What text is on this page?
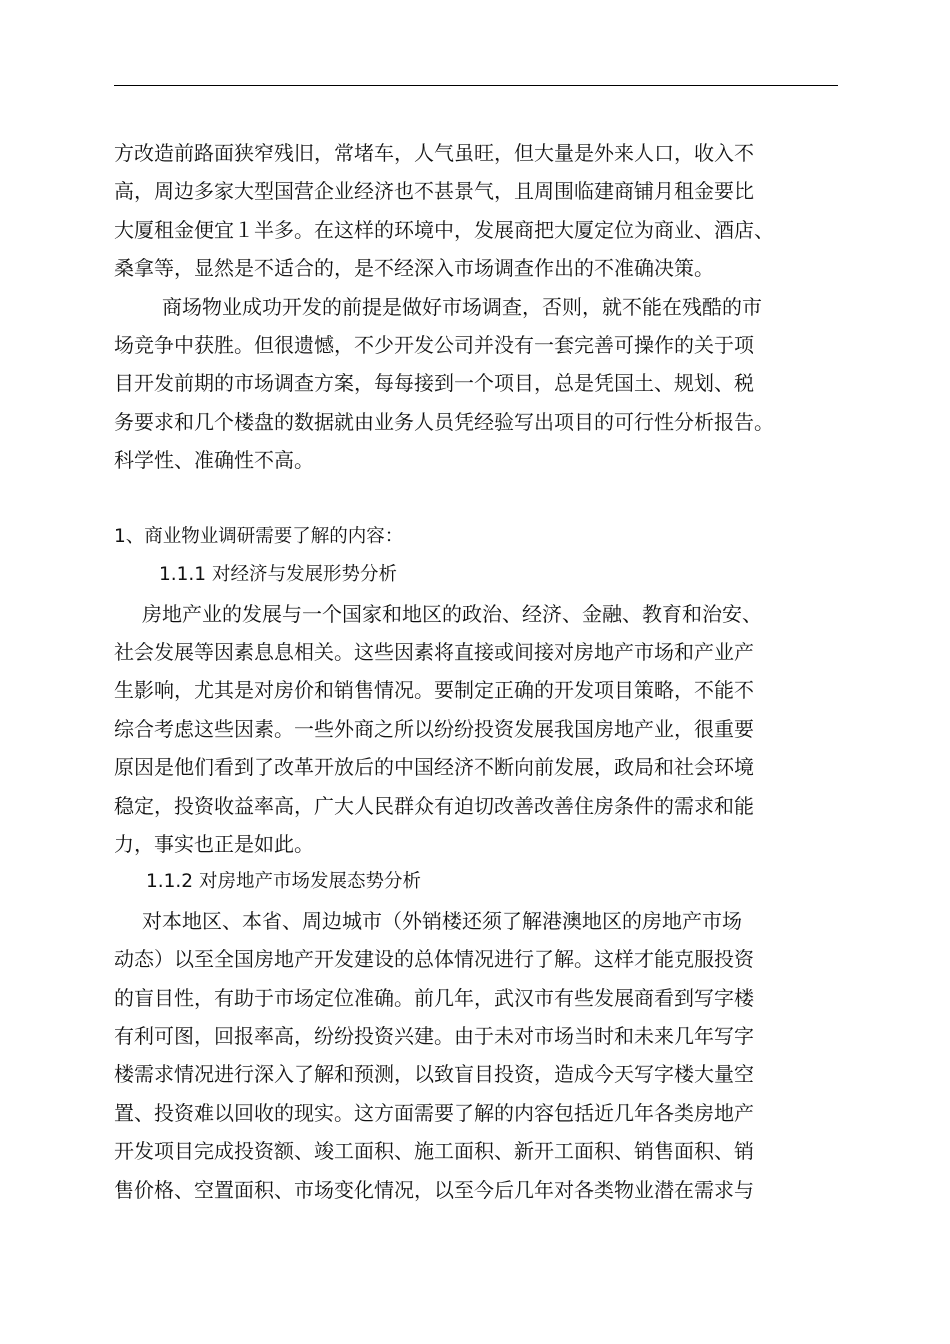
方改造前路面狭窄残旧，常堵车，人气虽旺，但大量是外来人口，收入不
高，周边多家大型国营企业经济也不甚景气，且周围临建商铺月租金要比
大厦租金便宜１半多。在这样的环境中，发展商把大厦定位为商业、酒店、
桑拿等，显然是不适合的，是不经深入市场调查作出的不准确决策。
商场物业成功开发的前提是做好市场调查，否则，就不能在残酷的市
场竞争中获胜。但很遗憾，不少开发公司并没有一套完善可操作的关于项
目开发前期的市场调查方案，每每接到一个项目，总是凭国土、规划、税
务要求和几个楼盘的数据就由业务人员凭经验写出项目的可行性分析报告。
科学性、准确性不高。
1、商业物业调研需要了解的内容：
1.1.1 对经济与发展形势分析
房地产业的发展与一个国家和地区的政治、经济、金融、教育和治安、
社会发展等因素息息相关。这些因素将直接或间接对房地产市场和产业产
生影响，尤其是对房价和销售情况。要制定正确的开发项目策略，不能不
综合考虑这些因素。一些外商之所以纷纷投资发展我国房地产业，很重要
原因是他们看到了改革开放后的中国经济不断向前发展，政局和社会环境
稳定，投资收益率高，广大人民群众有迫切改善改善住房条件的需求和能
力，事实也正是如此。
1.1.2 对房地产市场发展态势分析
对本地区、本省、周边城市（外销楼还须了解港澳地区的房地产市场
动态）以至全国房地产开发建设的总体情况进行了解。这样才能克服投资
的盲目性，有助于市场定位准确。前几年，武汉市有些发展商看到写字楼
有利可图，回报率高，纷纷投资兴建。由于未对市场当时和未来几年写字
楼需求情况进行深入了解和预测，以致盲目投资，造成今天写字楼大量空
置、投资难以回收的现实。这方面需要了解的内容包括近几年各类房地产
开发项目完成投资额、竣工面积、施工面积、新开工面积、销售面积、销
售价格、空置面积、市场变化情况，以至今后几年对各类物业潜在需求与
